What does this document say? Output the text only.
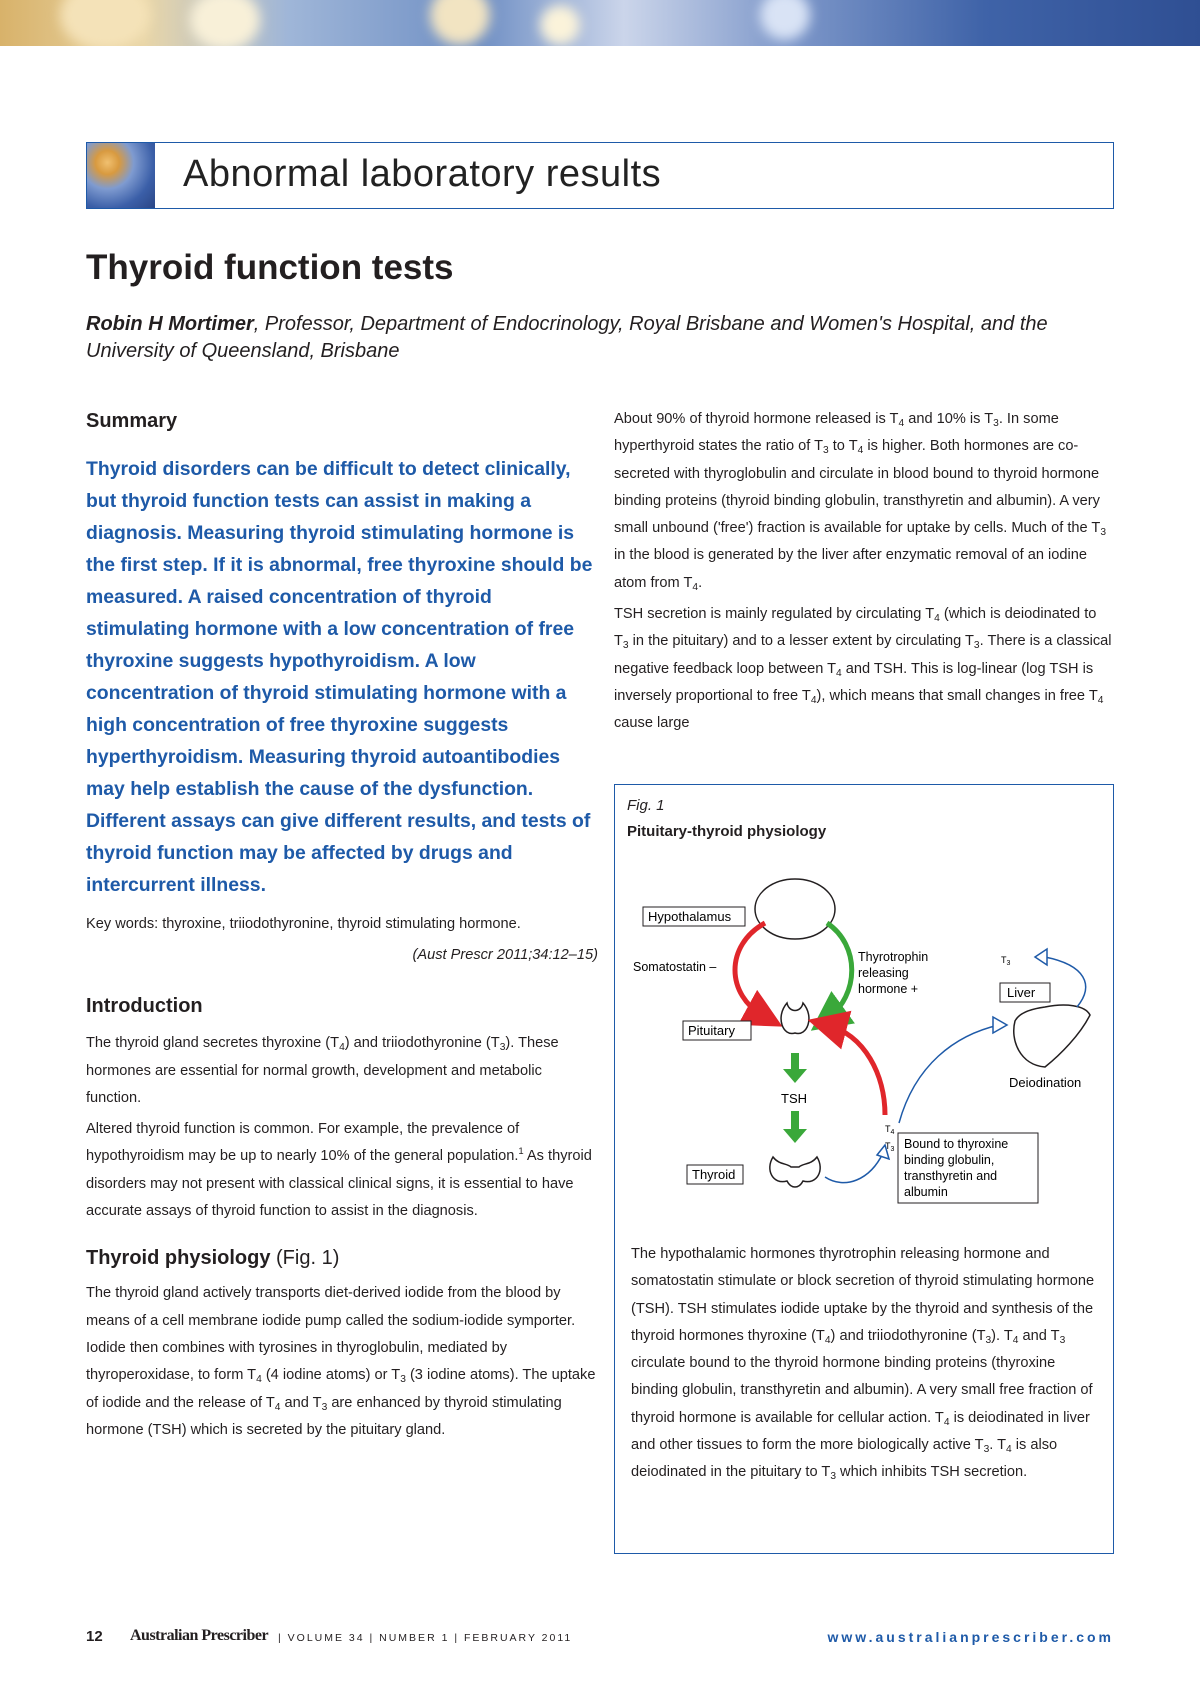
Abnormal laboratory results
Thyroid function tests
Robin H Mortimer, Professor, Department of Endocrinology, Royal Brisbane and Women's Hospital, and the University of Queensland, Brisbane
Summary

Thyroid disorders can be difficult to detect clinically, but thyroid function tests can assist in making a diagnosis. Measuring thyroid stimulating hormone is the first step. If it is abnormal, free thyroxine should be measured. A raised concentration of thyroid stimulating hormone with a low concentration of free thyroxine suggests hypothyroidism. A low concentration of thyroid stimulating hormone with a high concentration of free thyroxine suggests hyperthyroidism. Measuring thyroid autoantibodies may help establish the cause of the dysfunction. Different assays can give different results, and tests of thyroid function may be affected by drugs and intercurrent illness.

Key words: thyroxine, triiodothyronine, thyroid stimulating hormone.

(Aust Prescr 2011;34:12–15)

Introduction

The thyroid gland secretes thyroxine $(T_4)$ and triiodothyronine $(T_3)$. These hormones are essential for normal growth, development and metabolic function.

Altered thyroid function is common. For example, the prevalence of hypothyroidism may be up to nearly 10% of the general population.$^1$ As thyroid disorders may not present with classical clinical signs, it is essential to have accurate assays of thyroid function to assist in the diagnosis.

Thyroid physiology (Fig. 1)

The thyroid gland actively transports diet-derived iodide from the blood by means of a cell membrane iodide pump called the sodium-iodide symporter. Iodide then combines with tyrosines in thyroglobulin, mediated by thyroperoxidase, to form $T_4$ (4 iodine atoms) or $T_3$ (3 iodine atoms). The uptake of iodide and the release of $T_4$ and $T_3$ are enhanced by thyroid stimulating hormone (TSH) which is secreted by the pituitary gland.

About 90% of thyroid hormone released is $T_4$ and 10% is $T_3$. In some hyperthyroid states the ratio of $T_3$ to $T_4$ is higher. Both hormones are co-secreted with thyroglobulin and circulate in blood bound to thyroid hormone binding proteins (thyroid binding globulin, transthyretin and albumin). A very small unbound ('free') fraction is available for uptake by cells. Much of the $T_3$ in the blood is generated by the liver after enzymatic removal of an iodine atom from $T_4$.

TSH secretion is mainly regulated by circulating $T_4$ (which is deiodinated to $T_3$ in the pituitary) and to a lesser extent by circulating $T_3$. There is a classical negative feedback loop between $T_4$ and TSH. This is log-linear (log TSH is inversely proportional to free $T_4$), which means that small changes in free $T_4$ cause large

Fig. 1
Pituitary-thyroid physiology
Hypothalamus
Somatostatin –
Thyrotrophin
releasing
hormone +
Pituitary	–
TSH
Thyroid
$T_4$
$T_3$ Bound to thyroxine
binding globulin,
transthyretin and
albumin
Liver
Deiodination
$T_3$

The hypothalamic hormones thyrotrophin releasing hormone and somatostatin stimulate or block secretion of thyroid stimulating hormone (TSH). TSH stimulates iodide uptake by the thyroid and synthesis of the thyroid hormones thyroxine $(T_4)$ and triiodothyronine $(T_3)$. $T_4$ and $T_3$ circulate bound to the thyroid hormone binding proteins (thyroxine binding globulin, transthyretin and albumin). A very small free fraction of thyroid hormone is available for cellular action. $T_4$ is deiodinated in liver and other tissues to form the more biologically active $T_3$. $T_4$ is also deiodinated in the pituitary to $T_3$ which inhibits TSH secretion.

12 Australian Prescriber | VOLUME 34 | NUMBER 1 | FEBRUARY 2011	www.australianprescriber.com
